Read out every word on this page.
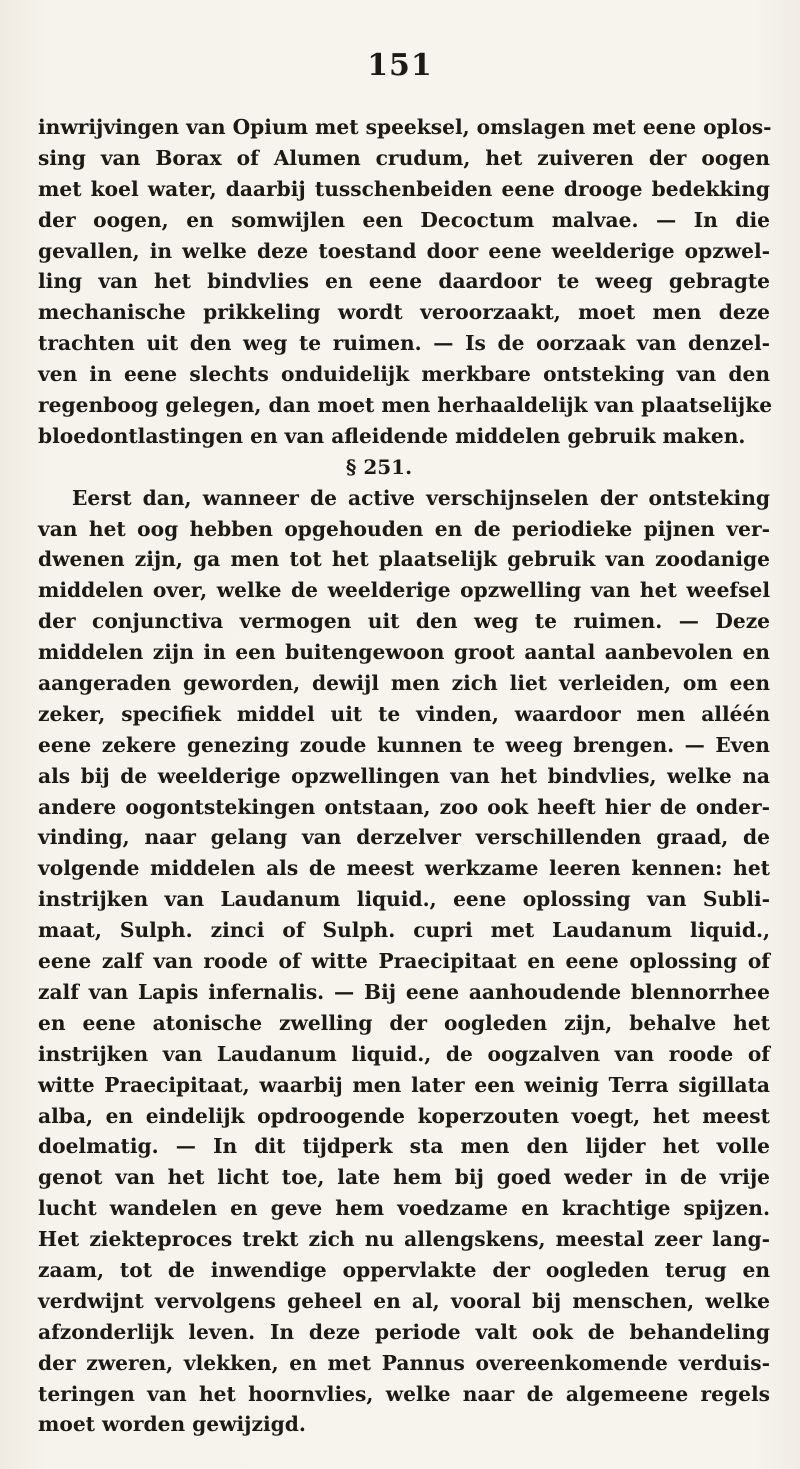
151
inwrijvingen van Opium met speeksel, omslagen met eene oplos-
sing van Borax of Alumen crudum, het zuiveren der oogen
met koel water, daarbij tusschenbeiden eene drooge bedekking
der oogen, en somwijlen een Decoctum malvae. — In die
gevallen, in welke deze toestand door eene weelderige opzwel-
ling van het bindvlies en eene daardoor te weeg gebragte
mechanische prikkeling wordt veroorzaakt, moet men deze
trachten uit den weg te ruimen. — Is de oorzaak van denzel-
ven in eene slechts onduidelijk merkbare ontsteking van den
regenboog gelegen, dan moet men herhaaldelijk van plaatselijke
bloedontlastingen en van afleidende middelen gebruik maken.
§ 251.
Eerst dan, wanneer de active verschijnselen der ontsteking
van het oog hebben opgehouden en de periodieke pijnen ver-
dwenen zijn, ga men tot het plaatselijk gebruik van zoodanige
middelen over, welke de weelderige opzwelling van het weefsel
der conjunctiva vermogen uit den weg te ruimen. — Deze
middelen zijn in een buitengewoon groot aantal aanbevolen en
aangeraden geworden, dewijl men zich liet verleiden, om een
zeker, specifiek middel uit te vinden, waardoor men alléén
eene zekere genezing zoude kunnen te weeg brengen. — Even
als bij de weelderige opzwellingen van het bindvlies, welke na
andere oogontstekingen ontstaan, zoo ook heeft hier de onder-
vinding, naar gelang van derzelver verschillenden graad, de
volgende middelen als de meest werkzame leeren kennen: het
instrijken van Laudanum liquid., eene oplossing van Subli-
maat, Sulph. zinci of Sulph. cupri met Laudanum liquid.,
eene zalf van roode of witte Praecipitaat en eene oplossing of
zalf van Lapis infernalis. — Bij eene aanhoudende blennorrhee
en eene atonische zwelling der oogleden zijn, behalve het
instrijken van Laudanum liquid., de oogzalven van roode of
witte Praecipitaat, waarbij men later een weinig Terra sigillata
alba, en eindelijk opdroogende koperzouten voegt, het meest
doelmatig. — In dit tijdperk sta men den lijder het volle
genot van het licht toe, late hem bij goed weder in de vrije
lucht wandelen en geve hem voedzame en krachtige spijzen.
Het ziekteproces trekt zich nu allengskens, meestal zeer lang-
zaam, tot de inwendige oppervlakte der oogleden terug en
verdwijnt vervolgens geheel en al, vooral bij menschen, welke
afzonderlijk leven. In deze periode valt ook de behandeling
der zweren, vlekken, en met Pannus overeenkomende verduis-
teringen van het hoornvlies, welke naar de algemeene regels
moet worden gewijzigd.
